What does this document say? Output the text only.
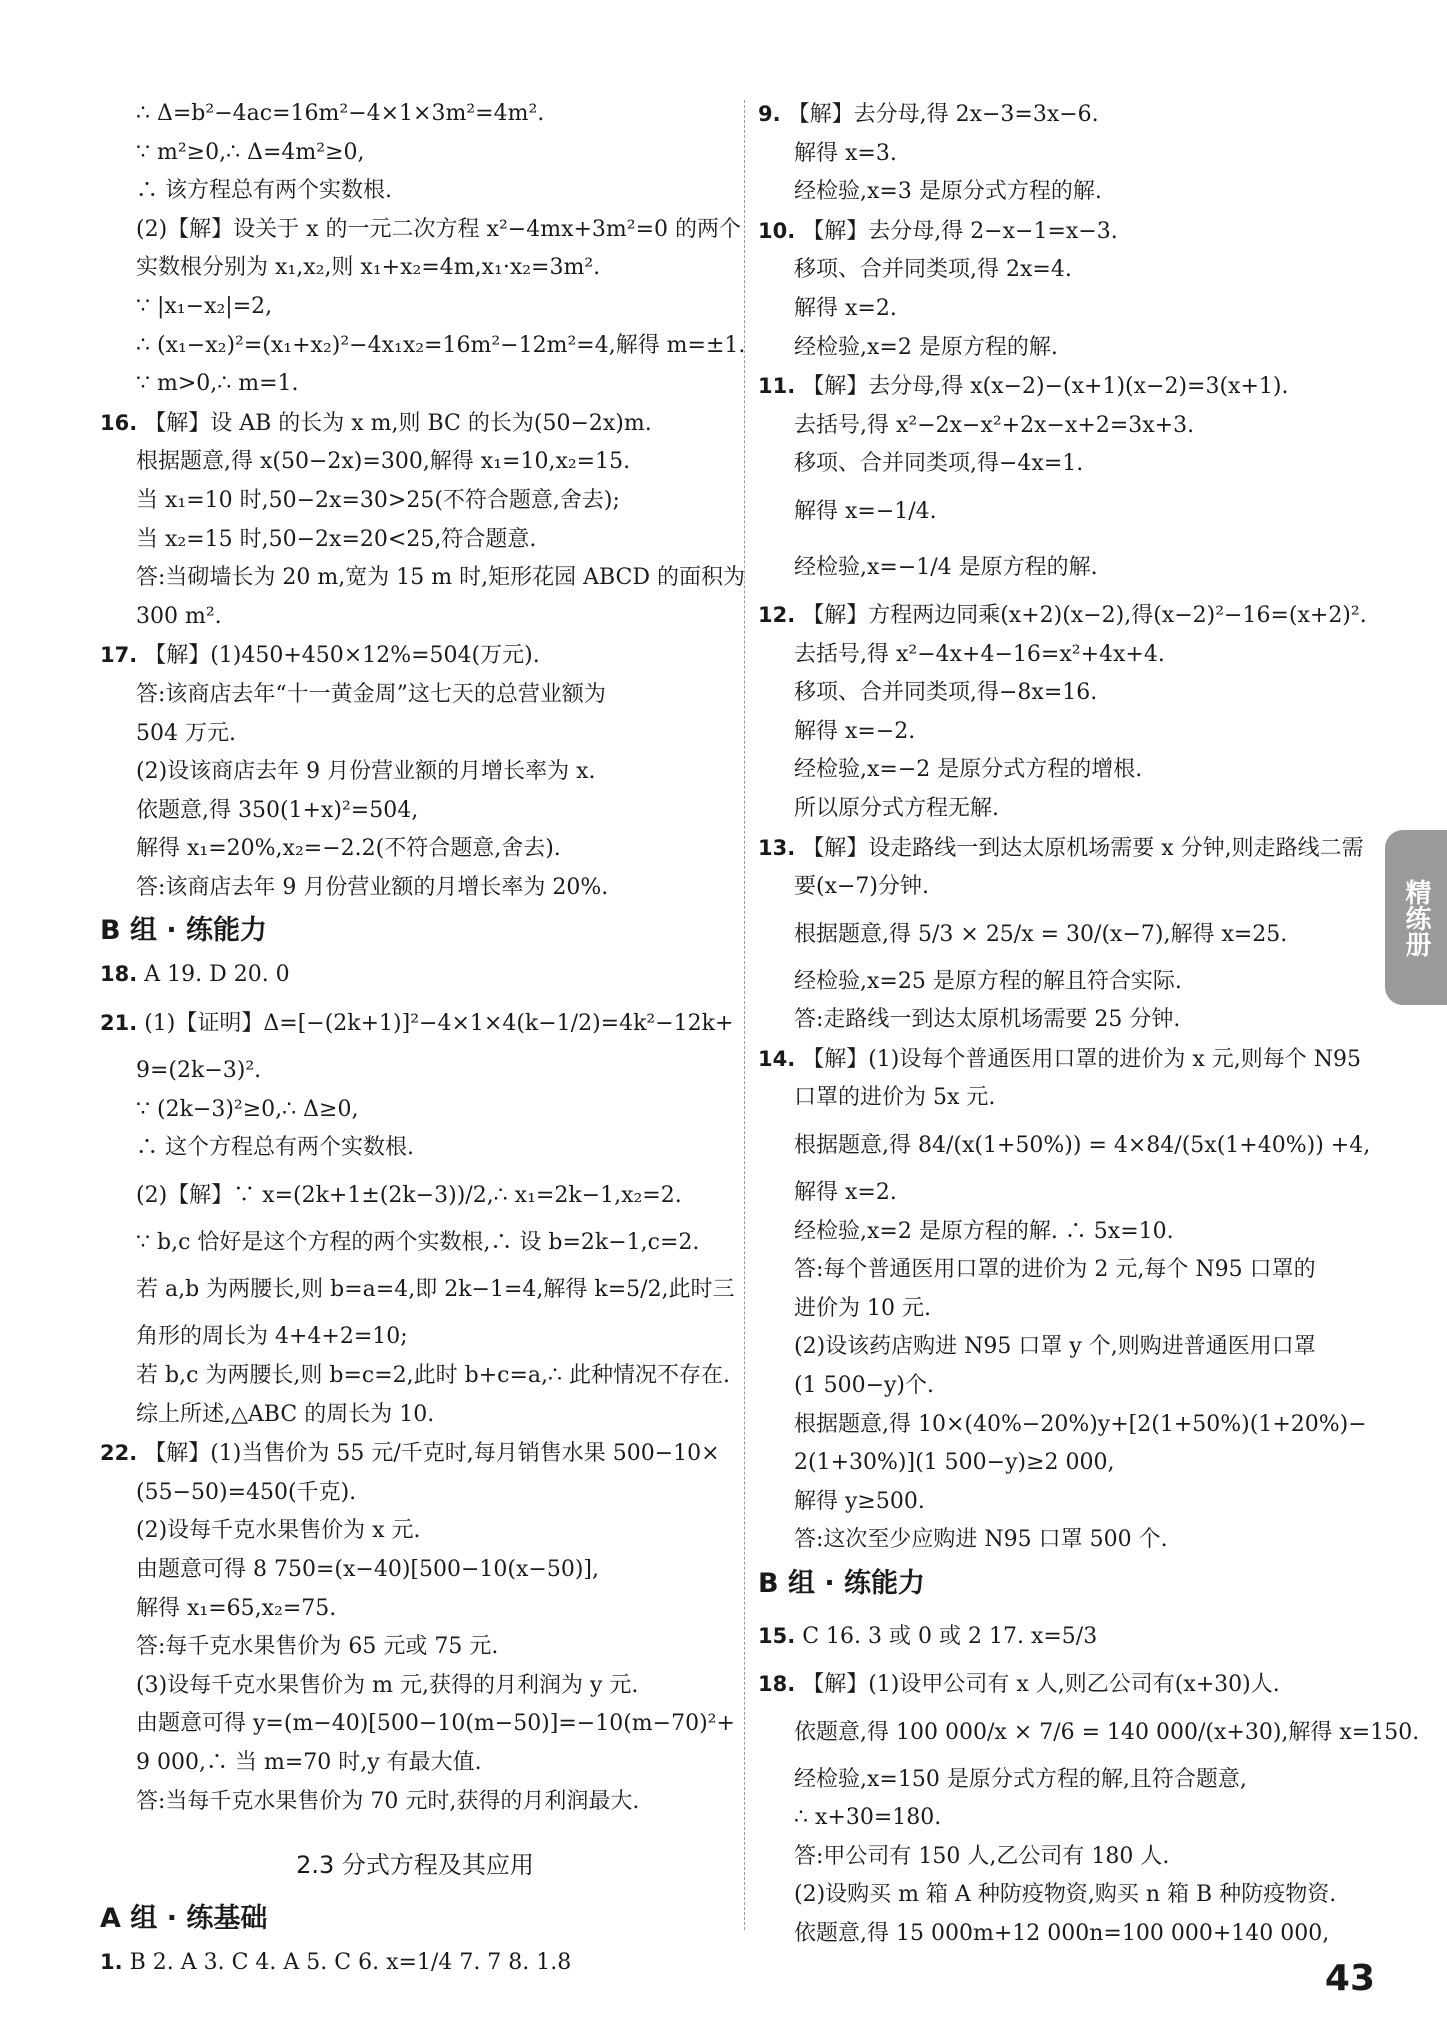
∴ Δ=b²−4ac=16m²−4×1×3m²=4m².
∵ m²≥0,∴ Δ=4m²≥0,
∴ 该方程总有两个实数根.
(2)【解】设关于 x 的一元二次方程 x²−4mx+3m²=0 的两个
实数根分别为 x₁,x₂,则 x₁+x₂=4m,x₁·x₂=3m².
∵ |x₁−x₂|=2,
∴ (x₁−x₂)²=(x₁+x₂)²−4x₁x₂=16m²−12m²=4,解得 m=±1.
∵ m>0,∴ m=1.
16. 【解】设 AB 的长为 x m,则 BC 的长为(50−2x)m.
根据题意,得 x(50−2x)=300,解得 x₁=10,x₂=15.
当 x₁=10 时,50−2x=30>25(不符合题意,舍去);
当 x₂=15 时,50−2x=20<25,符合题意.
答:当砌墙长为 20 m,宽为 15 m 时,矩形花园 ABCD 的面积为
300 m².
17. 【解】(1)450+450×12%=504(万元).
答:该商店去年“十一黄金周”这七天的总营业额为
504 万元.
(2)设该商店去年 9 月份营业额的月增长率为 x.
依题意,得 350(1+x)²=504,
解得 x₁=20%,x₂=−2.2(不符合题意,舍去).
答:该商店去年 9 月份营业额的月增长率为 20%.
B 组 · 练能力
18. A 19. D 20. 0
21. (1)【证明】Δ=[−(2k+1)]²−4×1×4(k−1/2)=4k²−12k+
9=(2k−3)².
∵ (2k−3)²≥0,∴ Δ≥0,
∴ 这个方程总有两个实数根.
(2)【解】∵ x=(2k+1±(2k−3))/2,∴ x₁=2k−1,x₂=2.
∵ b,c 恰好是这个方程的两个实数根,∴ 设 b=2k−1,c=2.
若 a,b 为两腰长,则 b=a=4,即 2k−1=4,解得 k=5/2,此时三
角形的周长为 4+4+2=10;
若 b,c 为两腰长,则 b=c=2,此时 b+c=a,∴ 此种情况不存在.
综上所述,△ABC 的周长为 10.
22. 【解】(1)当售价为 55 元/千克时,每月销售水果 500−10×
(55−50)=450(千克).
(2)设每千克水果售价为 x 元.
由题意可得 8 750=(x−40)[500−10(x−50)],
解得 x₁=65,x₂=75.
答:每千克水果售价为 65 元或 75 元.
(3)设每千克水果售价为 m 元,获得的月利润为 y 元.
由题意可得 y=(m−40)[500−10(m−50)]=−10(m−70)²+
9 000,∴ 当 m=70 时,y 有最大值.
答:当每千克水果售价为 70 元时,获得的月利润最大.
2.3 分式方程及其应用
A 组 · 练基础
1. B 2. A 3. C 4. A 5. C 6. x=1/4 7. 7 8. 1.8
9. 【解】去分母,得 2x−3=3x−6.
解得 x=3.
经检验,x=3 是原分式方程的解.
10. 【解】去分母,得 2−x−1=x−3.
移项、合并同类项,得 2x=4.
解得 x=2.
经检验,x=2 是原方程的解.
11. 【解】去分母,得 x(x−2)−(x+1)(x−2)=3(x+1).
去括号,得 x²−2x−x²+2x−x+2=3x+3.
移项、合并同类项,得−4x=1.
解得 x=−1/4.
经检验,x=−1/4 是原方程的解.
12. 【解】方程两边同乘(x+2)(x−2),得(x−2)²−16=(x+2)².
去括号,得 x²−4x+4−16=x²+4x+4.
移项、合并同类项,得−8x=16.
解得 x=−2.
经检验,x=−2 是原分式方程的增根.
所以原分式方程无解.
13. 【解】设走路线一到达太原机场需要 x 分钟,则走路线二需
要(x−7)分钟.
根据题意,得 5/3 × 25/x = 30/(x−7),解得 x=25.
经检验,x=25 是原方程的解且符合实际.
答:走路线一到达太原机场需要 25 分钟.
14. 【解】(1)设每个普通医用口罩的进价为 x 元,则每个 N95
口罩的进价为 5x 元.
根据题意,得 84/(x(1+50%)) = 4×84/(5x(1+40%)) +4,
解得 x=2.
经检验,x=2 是原方程的解. ∴ 5x=10.
答:每个普通医用口罩的进价为 2 元,每个 N95 口罩的
进价为 10 元.
(2)设该药店购进 N95 口罩 y 个,则购进普通医用口罩
(1 500−y)个.
根据题意,得 10×(40%−20%)y+[2(1+50%)(1+20%)−
2(1+30%)](1 500−y)≥2 000,
解得 y≥500.
答:这次至少应购进 N95 口罩 500 个.
B 组 · 练能力
15. C 16. 3 或 0 或 2 17. x=5/3
18. 【解】(1)设甲公司有 x 人,则乙公司有(x+30)人.
依题意,得 100 000/x × 7/6 = 140 000/(x+30),解得 x=150.
经检验,x=150 是原分式方程的解,且符合题意,
∴ x+30=180.
答:甲公司有 150 人,乙公司有 180 人.
(2)设购买 m 箱 A 种防疫物资,购买 n 箱 B 种防疫物资.
依题意,得 15 000m+12 000n=100 000+140 000,
精练册
43
